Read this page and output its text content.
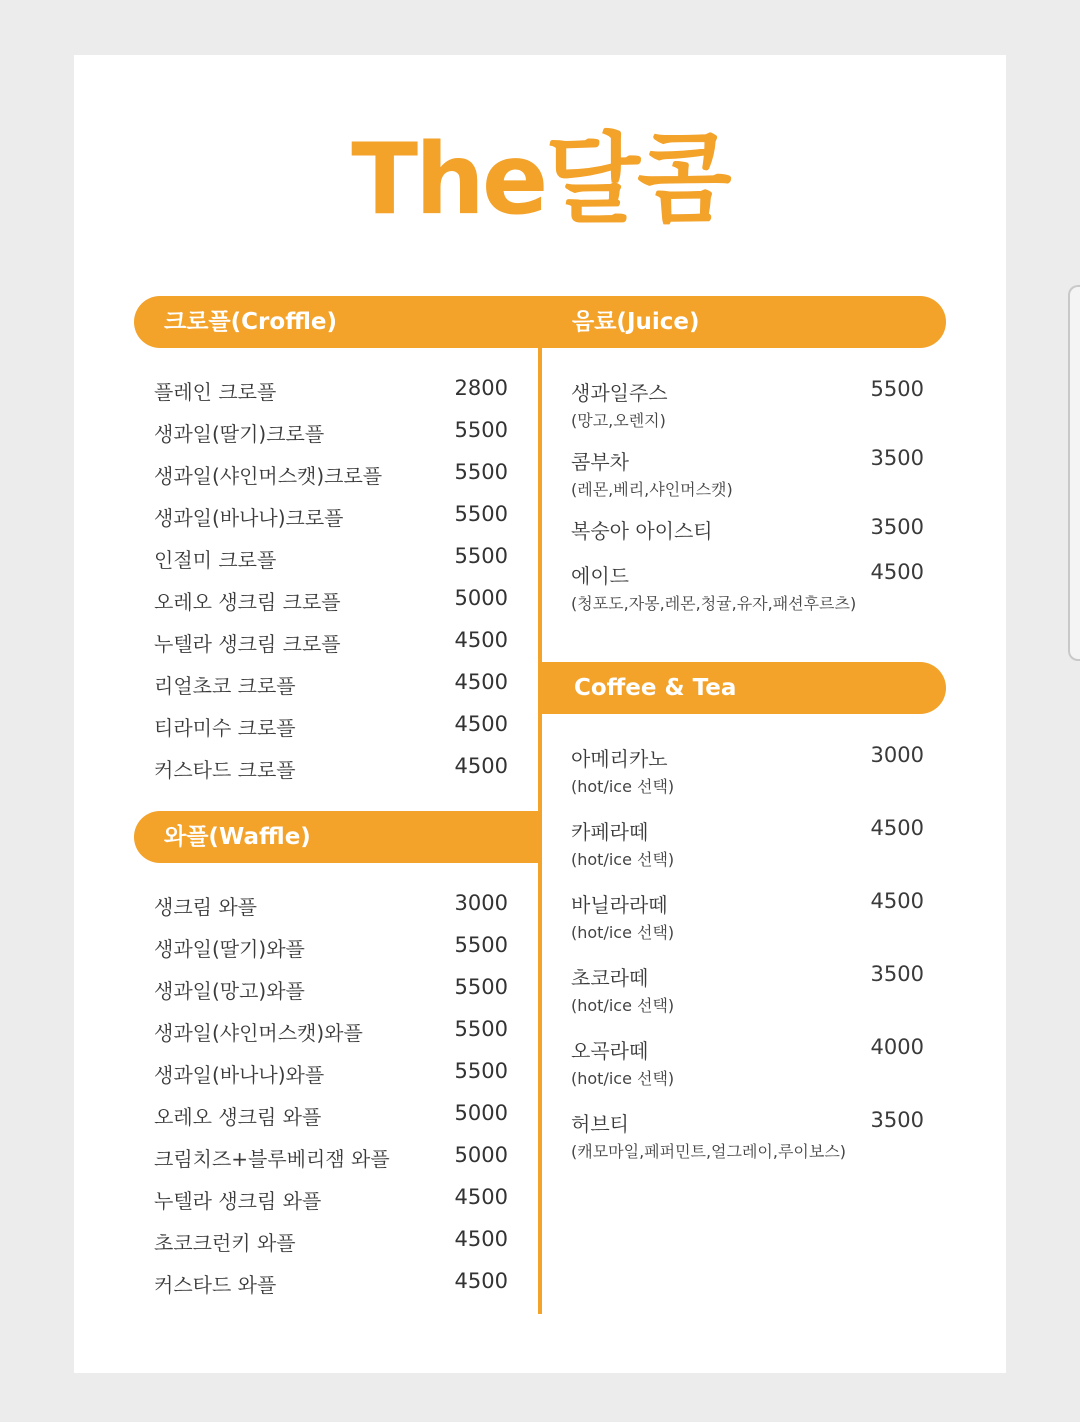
The달콤
크로플(Croffle)	음료(Juice)
플레인 크로플	2800
생과일(딸기)크로플	5500
생과일(샤인머스캣)크로플	5500
생과일(바나나)크로플	5500
인절미 크로플	5500
오레오 생크림 크로플	5000
누텔라 생크림 크로플	4500
리얼초코 크로플	4500
티라미수 크로플	4500
커스타드 크로플	4500
와플(Waffle)
생크림 와플	3000
생과일(딸기)와플	5500
생과일(망고)와플	5500
생과일(샤인머스캣)와플	5500
생과일(바나나)와플	5500
오레오 생크림 와플	5000
크림치즈+블루베리잼 와플	5000
누텔라 생크림 와플	4500
초코크런키 와플	4500
커스타드 와플	4500
생과일주스	5500
(망고,오렌지)
콤부차	3500
(레몬,베리,샤인머스캣)
복숭아 아이스티	3500
에이드	4500
(청포도,자몽,레몬,청귤,유자,패션후르츠)
Coffee & Tea
아메리카노	3000
(hot/ice 선택)
카페라떼	4500
(hot/ice 선택)
바닐라라떼	4500
(hot/ice 선택)
초코라떼	3500
(hot/ice 선택)
오곡라떼	4000
(hot/ice 선택)
허브티	3500
(캐모마일,페퍼민트,얼그레이,루이보스)
